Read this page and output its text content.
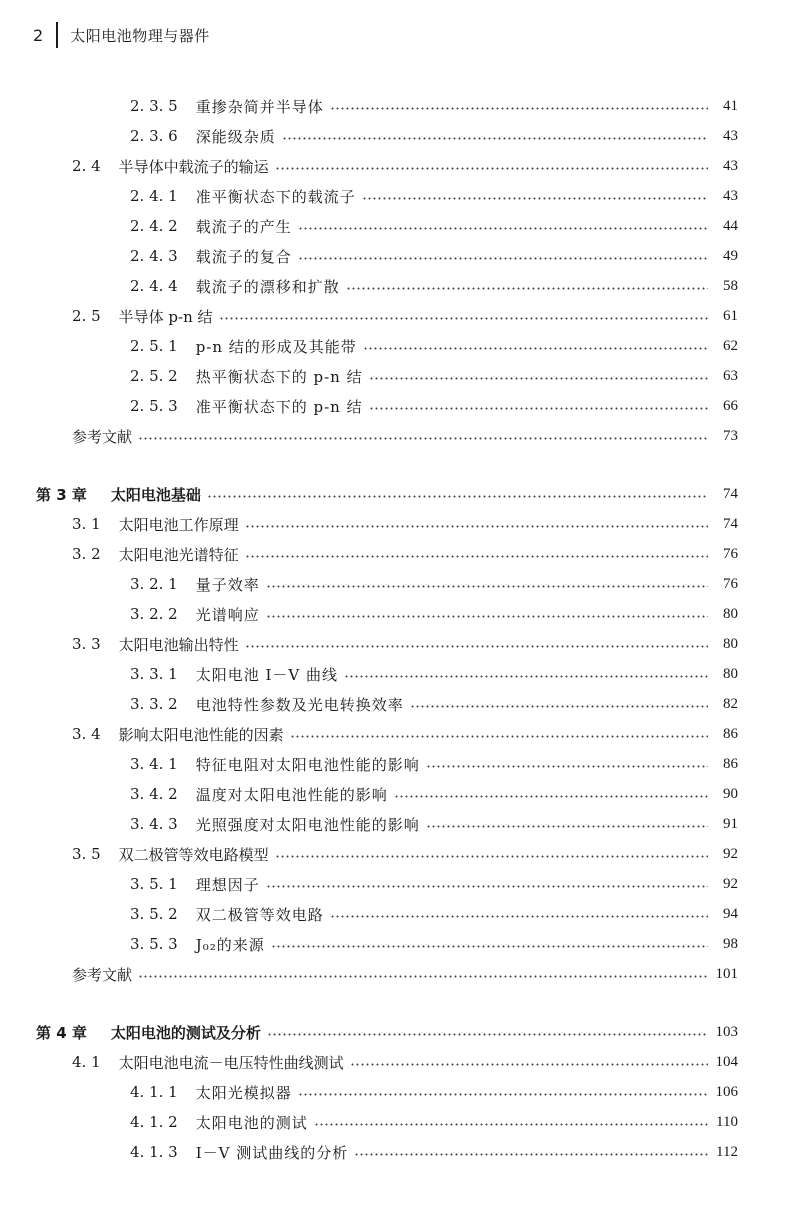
2 太阳电池物理与器件
2. 3. 5 重掺杂简并半导体	41
2. 3. 6 深能级杂质	43
2. 4 半导体中载流子的输运	43
2. 4. 1 准平衡状态下的载流子	43
2. 4. 2 载流子的产生	44
2. 4. 3 载流子的复合	49
2. 4. 4 载流子的漂移和扩散	58
2. 5 半导体 p-n 结	61
2. 5. 1 p-n 结的形成及其能带	62
2. 5. 2 热平衡状态下的 p-n 结	63
2. 5. 3 准平衡状态下的 p-n 结	66
参考文献	73
第 3 章 太阳电池基础	74
3. 1 太阳电池工作原理	74
3. 2 太阳电池光谱特征	76
3. 2. 1 量子效率	76
3. 2. 2 光谱响应	80
3. 3 太阳电池输出特性	80
3. 3. 1 太阳电池 I－V 曲线	80
3. 3. 2 电池特性参数及光电转换效率	82
3. 4 影响太阳电池性能的因素	86
3. 4. 1 特征电阻对太阳电池性能的影响	86
3. 4. 2 温度对太阳电池性能的影响	90
3. 4. 3 光照强度对太阳电池性能的影响	91
3. 5 双二极管等效电路模型	92
3. 5. 1 理想因子	92
3. 5. 2 双二极管等效电路	94
3. 5. 3 J₀₂的来源	98
参考文献	101
第 4 章 太阳电池的测试及分析	103
4. 1 太阳电池电流－电压特性曲线测试	104
4. 1. 1 太阳光模拟器	106
4. 1. 2 太阳电池的测试	110
4. 1. 3 I－V 测试曲线的分析	112
